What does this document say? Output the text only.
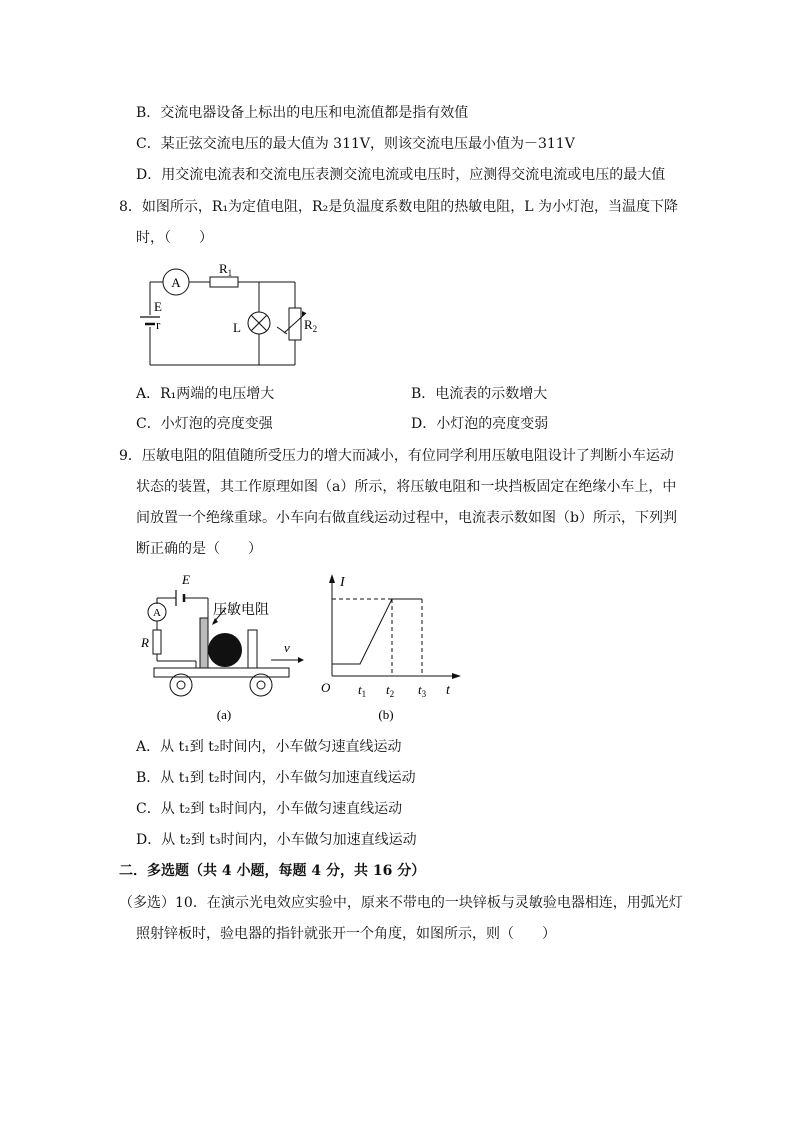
B．交流电器设备上标出的电压和电流值都是指有效值
C．某正弦交流电压的最大值为 311V，则该交流电压最小值为－311V
D．用交流电流表和交流电压表测交流电流或电压时，应测得交流电流或电压的最大值
8．如图所示，R₁为定值电阻，R₂是负温度系数电阻的热敏电阻，L 为小灯泡，当温度下降
时，（　　）
A
$R_1$
E
r	L	$R_2$
A．R₁两端的电压增大	B．电流表的示数增大
C．小灯泡的亮度变强	D．小灯泡的亮度变弱
9．压敏电阻的阻值随所受压力的增大而减小，有位同学利用压敏电阻设计了判断小车运动
状态的装置，其工作原理如图（a）所示，将压敏电阻和一块挡板固定在绝缘小车上，中
间放置一个绝缘重球。小车向右做直线运动过程中，电流表示数如图（b）所示，下列判
断正确的是（　　）
E
A
R
压敏电阻
v
(a)
I
t
O $t_1$ $t_2$ $t_3$
(b)
A．从 t₁到 t₂时间内，小车做匀速直线运动
B．从 t₁到 t₂时间内，小车做匀加速直线运动
C．从 t₂到 t₃时间内，小车做匀速直线运动
D．从 t₂到 t₃时间内，小车做匀加速直线运动
二．多选题（共 4 小题，每题 4 分，共 16 分）
（多选）10．在演示光电效应实验中，原来不带电的一块锌板与灵敏验电器相连，用弧光灯
照射锌板时，验电器的指针就张开一个角度，如图所示，则（　　）
